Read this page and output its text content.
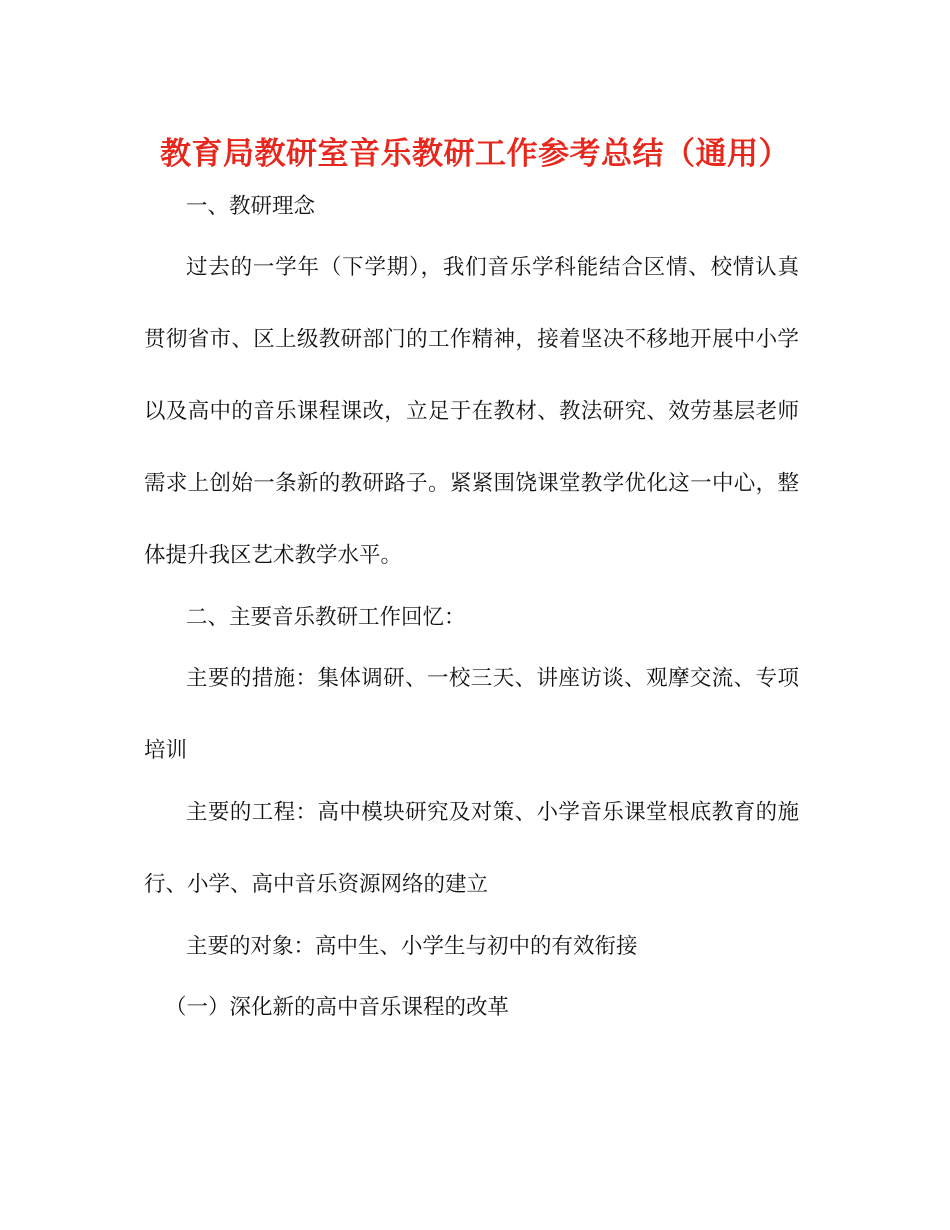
教育局教研室音乐教研工作参考总结（通用）
一、教研理念
过去的一学年（下学期），我们音乐学科能结合区情、校情认真
贯彻省市、区上级教研部门的工作精神，接着坚决不移地开展中小学
以及高中的音乐课程课改，立足于在教材、教法研究、效劳基层老师
需求上创始一条新的教研路子。紧紧围饶课堂教学优化这一中心，整
体提升我区艺术教学水平。
二、主要音乐教研工作回忆：
主要的措施：集体调研、一校三天、讲座访谈、观摩交流、专项
培训
主要的工程：高中模块研究及对策、小学音乐课堂根底教育的施
行、小学、高中音乐资源网络的建立
主要的对象：高中生、小学生与初中的有效衔接
（一）深化新的高中音乐课程的改革
